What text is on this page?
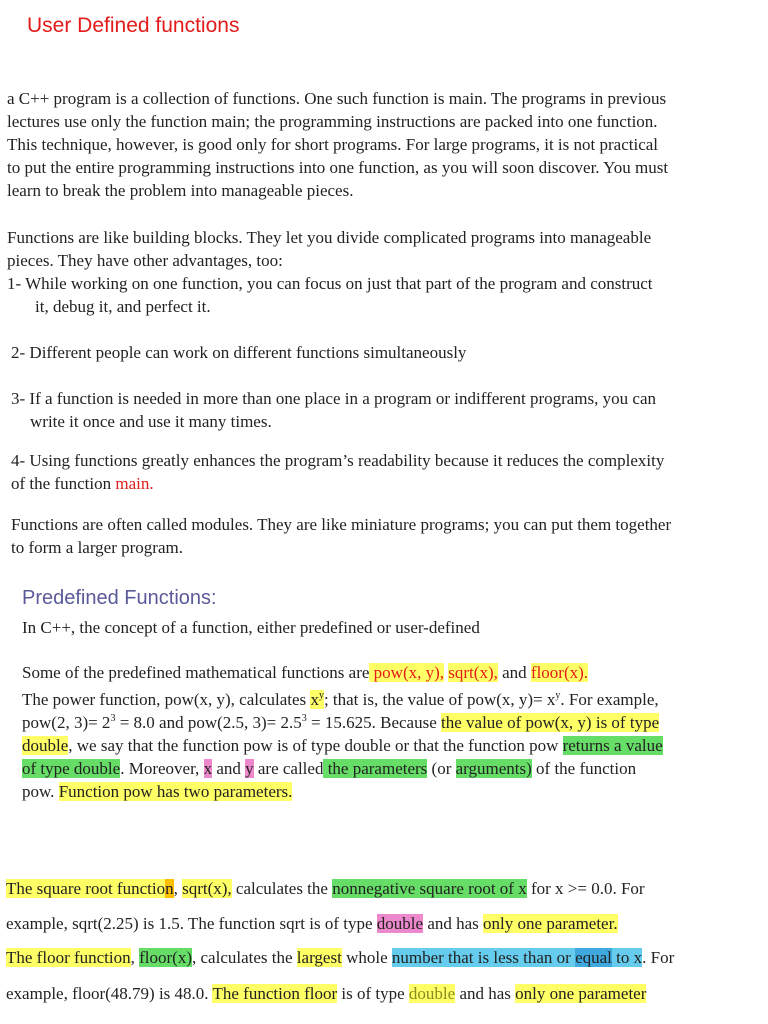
User Defined functions
a C++ program is a collection of functions. One such function is main. The programs in previous
lectures use only the function main; the programming instructions are packed into one function.
This technique, however, is good only for short programs. For large programs, it is not practical
to put the entire programming instructions into one function, as you will soon discover. You must
learn to break the problem into manageable pieces.
Functions are like building blocks. They let you divide complicated programs into manageable
pieces. They have other advantages, too:
1- While working on one function, you can focus on just that part of the program and construct
it, debug it, and perfect it.
2- Different people can work on different functions simultaneously
3- If a function is needed in more than one place in a program or indifferent programs, you can
write it once and use it many times.
4- Using functions greatly enhances the program’s readability because it reduces the complexity
of the function main.
Functions are often called modules. They are like miniature programs; you can put them together
to form a larger program.
Predefined Functions:
In C++, the concept of a function, either predefined or user-defined
Some of the predefined mathematical functions are pow(x, y), sqrt(x), and floor(x).
The power function, pow(x, y), calculates $x^y$; that is, the value of pow(x, $y)= x^y$. For example,
pow(2, $3)= 2^3 = 8.0$ and pow(2.5, $3)= 2.5^3 = 15.625$. Because the value of pow(x, y) is of type
double, we say that the function pow is of type double or that the function pow returns a value
of type double. Moreover, x and y are called the parameters (or arguments) of the function
pow. Function pow has two parameters.
The square root function, sqrt(x), calculates the nonnegative square root of x for x >= 0.0. For
example, sqrt(2.25) is 1.5. The function sqrt is of type double and has only one parameter.
The floor function, floor(x), calculates the largest whole number that is less than or equal to x. For
example, floor(48.79) is 48.0. The function floor is of type double and has only one parameter
